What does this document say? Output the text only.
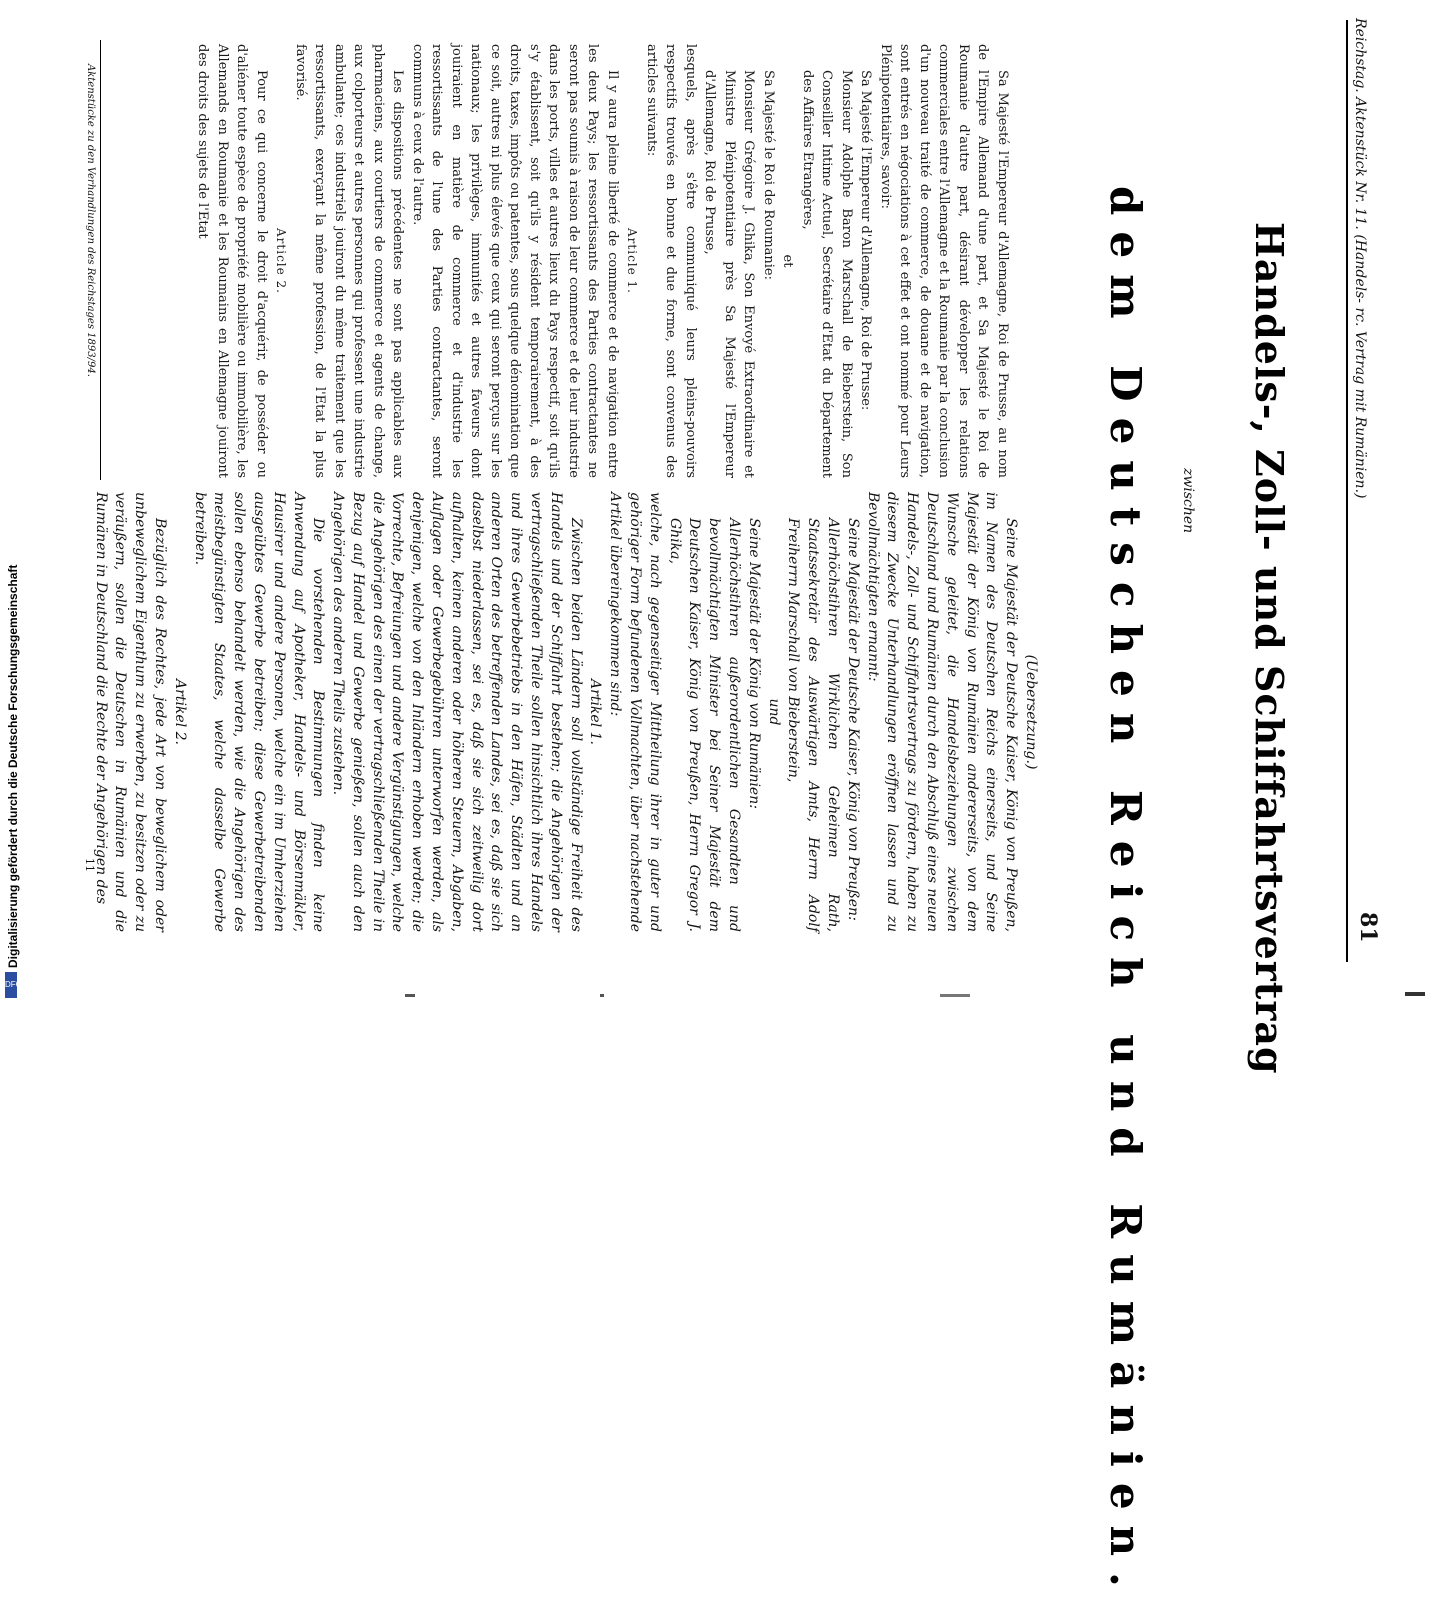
Reichstag. Aktenstück Nr. 11. (Handels- rc. Vertrag mit Rumänien.)
81
Handels-, Zoll- und Schiffahrtsvertrag
zwischen
dem Deutschen Reich und Rumänien.
Sa Majesté l'Empereur d'Allemagne, Roi de Prusse, au nom de l'Empire Allemand d'une part, et Sa Majesté le Roi de Roumanie d'autre part, désirant développer les relations commerciales entre l'Allemagne et la Roumanie par la conclusion d'un nouveau traité de commerce, de douane et de navigation, sont entrés en négociations à cet effet et ont nommé pour Leurs Plénipotentiaires, savoir:
Sa Majesté l'Empereur d'Allemagne, Roi de Prusse:
Monsieur Adolphe Baron Marschall de Bieberstein, Son Conseiller Intime Actuel, Secrétaire d'Etat du Département des Affaires Etrangères,
et
Sa Majesté le Roi de Roumanie:
Monsieur Grégoire J. Ghika, Son Envoyé Extraordinaire et Ministre Plénipotentiaire près Sa Majesté l'Empereur d'Allemagne, Roi de Prusse,
lesquels, après s'être communiqué leurs pleins-pouvoirs respectifs trouvés en bonne et due forme, sont convenus des articles suivants:
Article 1.
Il y aura pleine liberté de commerce et de navigation entre les deux Pays; les ressortissants des Parties contractantes ne seront pas soumis à raison de leur commerce et de leur industrie dans les ports, villes et autres lieux du Pays respectif, soit qu'ils s'y établissent, soit qu'ils y résident temporairement, à des droits, taxes, impôts ou patentes, sous quelque dénomination que ce soit, autres ni plus élevés que ceux qui seront perçus sur les nationaux; les privilèges, immunités et autres faveurs dont jouiraient en matière de commerce et d'industrie les ressortissants de l'une des Parties contractantes, seront communs à ceux de l'autre.
Les dispositions précédentes ne sont pas applicables aux pharmaciens, aux courtiers de commerce et agents de change, aux colporteurs et autres personnes qui professent une industrie ambulante; ces industriels jouiront du même traitement que les ressortissants, exerçant la même profession, de l'Etat la plus favorisé.
Article 2.
Pour ce qui concerne le droit d'acquérir, de posséder ou d'aliéner toute espèce de propriété mobilière ou immobilière, les Allemands en Roumanie et les Roumains en Allemagne jouiront des droits des sujets de l'Etat
(Uebersetzung.)
Seine Majestät der Deutsche Kaiser, König von Preußen, im Namen des Deutschen Reichs einerseits, und Seine Majestät der König von Rumänien andererseits, von dem Wunsche geleitet, die Handelsbeziehungen zwischen Deutschland und Rumänien durch den Abschluß eines neuen Handels-, Zoll- und Schiffahrtsvertrags zu fördern, haben zu diesem Zwecke Unterhandlungen eröffnen lassen und zu Bevollmächtigten ernannt:
Seine Majestät der Deutsche Kaiser, König von Preußen:
Allerhöchstihren Wirklichen Geheimen Rath, Staatssekretär des Auswärtigen Amts, Herrn Adolf Freiherrn Marschall von Bieberstein,
und
Seine Majestät der König von Rumänien:
Allerhöchstihren außerordentlichen Gesandten und bevollmächtigten Minister bei Seiner Majestät dem Deutschen Kaiser, König von Preußen, Herrn Gregor J. Ghika,
welche, nach gegenseitiger Mittheilung ihrer in guter und gehöriger Form befundenen Vollmachten, über nachstehende Artikel übereingekommen sind:
Artikel 1.
Zwischen beiden Ländern soll vollständige Freiheit des Handels und der Schiffahrt bestehen; die Angehörigen der vertragschließenden Theile sollen hinsichtlich ihres Handels und ihres Gewerbebetriebs in den Häfen, Städten und an anderen Orten des betreffenden Landes, sei es, daß sie sich daselbst niederlassen, sei es, daß sie sich zeitweilig dort aufhalten, keinen anderen oder höheren Steuern, Abgaben, Auflagen oder Gewerbegebühren unterworfen werden, als denjenigen, welche von den Inländern erhoben werden; die Vorrechte, Befreiungen und andere Vergünstigungen, welche die Angehörigen des einen der vertragschließenden Theile in Bezug auf Handel und Gewerbe genießen, sollen auch den Angehörigen des anderen Theils zustehen.
Die vorstehenden Bestimmungen finden keine Anwendung auf Apotheker, Handels- und Börsenmäkler, Hausirer und andere Personen, welche ein im Umherziehen ausgeübtes Gewerbe betreiben; diese Gewerbetreibenden sollen ebenso behandelt werden, wie die Angehörigen des meistbegünstigten Staates, welche dasselbe Gewerbe betreiben.
Artikel 2.
Bezüglich des Rechtes, jede Art von beweglichem oder unbeweglichem Eigenthum zu erwerben, zu besitzen oder zu veräußern, sollen die Deutschen in Rumänien und die Rumänen in Deutschland die Rechte der Angehörigen des
Aktenstücke zu den Verhandlungen des Reichstages 1893/94.
11
Digitalisierung gefördert durch die Deutsche Forschungsgemeinschaft
DFG
